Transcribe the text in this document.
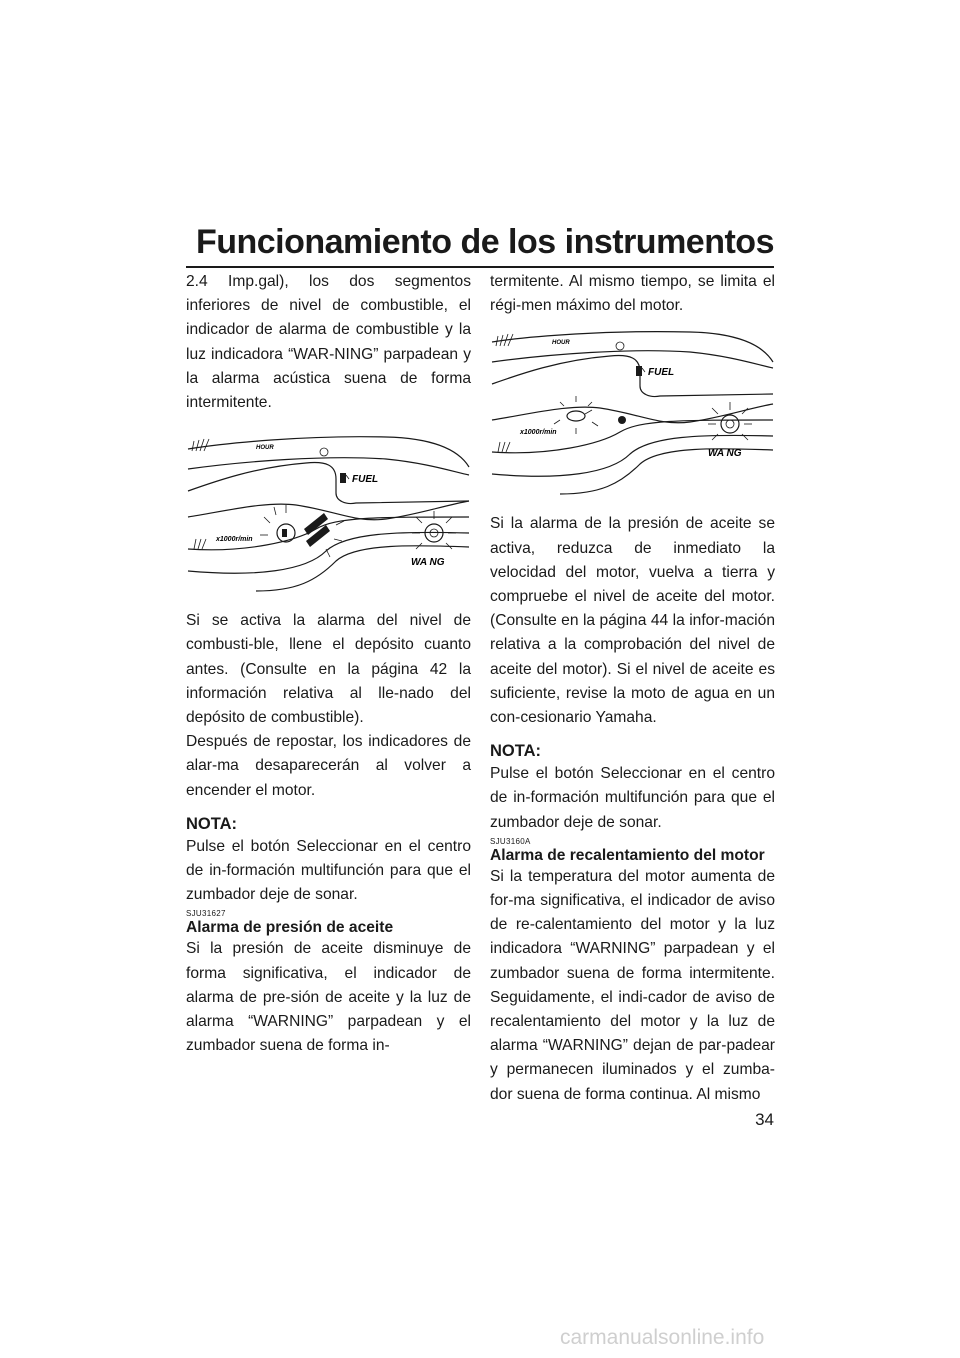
Funcionamiento de los instrumentos

2.4 Imp.gal), los dos segmentos inferiores de nivel de combustible, el indicador de alarma de combustible y la luz indicadora “WAR-NING” parpadean y la alarma acústica suena de forma intermitente.

HOUR
x1000r/min
FUEL
WA NG

Si se activa la alarma del nivel de combusti-ble, llene el depósito cuanto antes. (Consulte en la página 42 la información relativa al lle-nado del depósito de combustible).

Después de repostar, los indicadores de alar-ma desaparecerán al volver a encender el motor.

NOTA:

Pulse el botón Seleccionar en el centro de in-formación multifunción para que el zumbador deje de sonar.

SJU31627

Alarma de presión de aceite

Si la presión de aceite disminuye de forma significativa, el indicador de alarma de pre-sión de aceite y la luz de alarma “WARNING” parpadean y el zumbador suena de forma in-

termitente. Al mismo tiempo, se limita el régi-men máximo del motor.

HOUR
x1000r/min
FUEL
WA NG

Si la alarma de la presión de aceite se activa, reduzca de inmediato la velocidad del motor, vuelva a tierra y compruebe el nivel de aceite del motor. (Consulte en la página 44 la infor-mación relativa a la comprobación del nivel de aceite del motor). Si el nivel de aceite es suficiente, revise la moto de agua en un con-cesionario Yamaha.

NOTA:

Pulse el botón Seleccionar en el centro de in-formación multifunción para que el zumbador deje de sonar.

SJU3160A

Alarma de recalentamiento del motor

Si la temperatura del motor aumenta de for-ma significativa, el indicador de aviso de re-calentamiento del motor y la luz indicadora “WARNING” parpadean y el zumbador suena de forma intermitente. Seguidamente, el indi-cador de aviso de recalentamiento del motor y la luz de alarma “WARNING” dejan de par-padear y permanecen iluminados y el zumba-dor suena de forma continua. Al mismo

34
carmanualsonline.info
